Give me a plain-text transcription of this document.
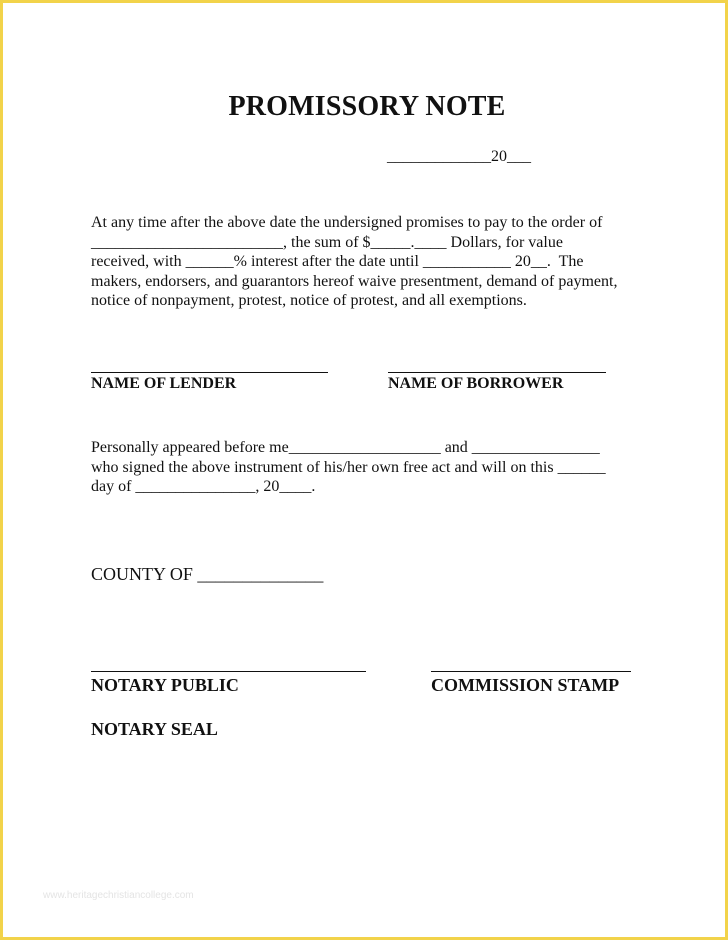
PROMISSORY NOTE
_____________20___
At any time after the above date the undersigned promises to pay to the order of
________________________, the sum of $_____.____ Dollars, for value
received, with ______% interest after the date until ___________ 20__.  The
makers, endorsers, and guarantors hereof waive presentment, demand of payment,
notice of nonpayment, protest, notice of protest, and all exemptions.
NAME OF LENDER	NAME OF BORROWER
Personally appeared before me___________________ and ________________
who signed the above instrument of his/her own free act and will on this ______
day of _______________, 20____.
COUNTY OF ______________
NOTARY PUBLIC	COMMISSION STAMP
NOTARY SEAL
www.heritagechristiancollege.com
